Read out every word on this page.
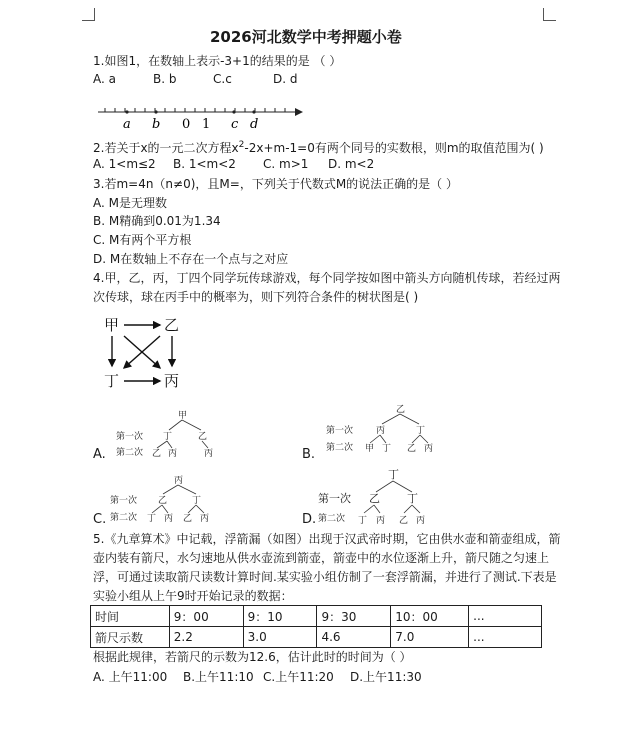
2026河北数学中考押题小卷
1.如图1，在数轴上表示-3+1的结果的是 （ ）
A. a	B. b	C.c	D. d
a b 0 1 c d
2.若关于x的一元二次方程$x^2-2x+m-1=0$有两个同号的实数根，则m的取值范围为( )
A. 1<m≤2 B. 1<m<2 C. m>1 D. m<2
3.若m=4n（n≠0)，且M=，下列关于代数式M的说法正确的是（ ）
A. M是无理数
B. M精确到0.01为1.34
C. M有两个平方根
D. M在数轴上不存在一个点与之对应
4.甲，乙，丙，丁四个同学玩传球游戏，每个同学按如图中箭头方向随机传球，若经过两
次传球，球在丙手中的概率为，则下列符合条件的树状图是( )
甲	乙
丁	丙
A.
甲
第一次
第二次
丁	乙
乙 丙	丙	B.
乙
第一次
第二次
丙	丁
甲 丁 乙 丙
C.
丙
第一次
第二次
乙	丁
丁 丙 乙 丙	D.
丁
第一次
第二次
乙 丁
丁 丙 乙 丙
5.《九章算术》中记载，浮箭漏（如图）出现于汉武帝时期，它由供水壶和箭壶组成，箭
壶内装有箭尺，水匀速地从供水壶流到箭壶，箭壶中的水位逐渐上升，箭尺随之匀速上
浮，可通过读取箭尺读数计算时间.某实验小组仿制了一套浮箭漏，并进行了测试.下表是
实验小组从上午9时开始记录的数据：
时间	9：00	9：10	9：30	10：00	...
箭尺示数	2.2	3.0	4.6	7.0	...
根据此规律，若箭尺的示数为12.6，估计此时的时间为（ ）
A. 上午11:00 B.上午11:10 C.上午11:20 D.上午11:30
